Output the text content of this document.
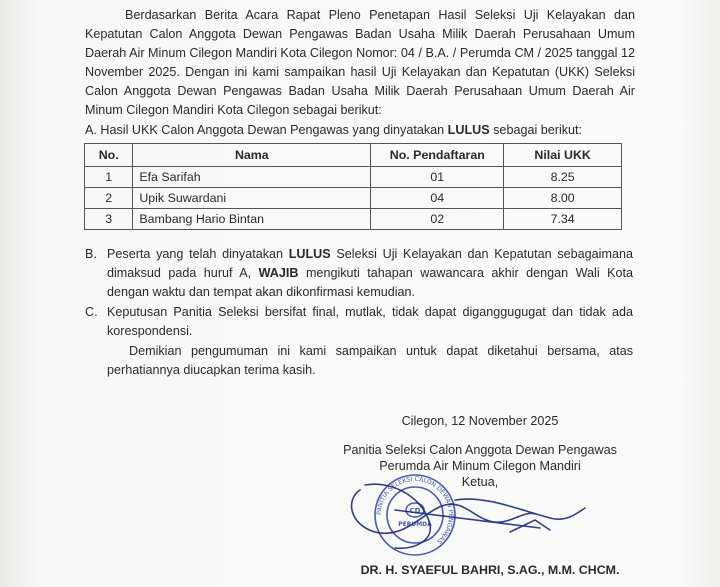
Berdasarkan Berita Acara Rapat Pleno Penetapan Hasil Seleksi Uji Kelayakan dan Kepatutan Calon Anggota Dewan Pengawas Badan Usaha Milik Daerah Perusahaan Umum Daerah Air Minum Cilegon Mandiri Kota Cilegon Nomor: 04 / B.A. / Perumda CM / 2025 tanggal 12 November 2025. Dengan ini kami sampaikan hasil Uji Kelayakan dan Kepatutan (UKK) Seleksi Calon Anggota Dewan Pengawas Badan Usaha Milik Daerah Perusahaan Umum Daerah Air Minum Cilegon Mandiri Kota Cilegon sebagai berikut:
A. Hasil UKK Calon Anggota Dewan Pengawas yang dinyatakan LULUS sebagai berikut:
No.	Nama	No. Pendaftaran	Nilai UKK
1	Efa Sarifah	01	8.25
2	Upik Suwardani	04	8.00
3	Bambang Hario Bintan	02	7.34
B. Peserta yang telah dinyatakan LULUS Seleksi Uji Kelayakan dan Kepatutan sebagaimana dimaksud pada huruf A, WAJIB mengikuti tahapan wawancara akhir dengan Wali Kota dengan waktu dan tempat akan dikonfirmasi kemudian.
C. Keputusan Panitia Seleksi bersifat final, mutlak, tidak dapat diganggugugat dan tidak ada korespondensi.
Demikian pengumuman ini kami sampaikan untuk dapat diketahui bersama, atas perhatiannya diucapkan terima kasih.
Cilegon, 12 November 2025
Panitia Seleksi Calon Anggota Dewan Pengawas
Perumda Air Minum Cilegon Mandiri
Ketua,
PANITIA SELEKSI CALON DEWAN PENGAWAS
CD
PERUMDA
DR. H. SYAEFUL BAHRI, S.AG., M.M. CHCM.
